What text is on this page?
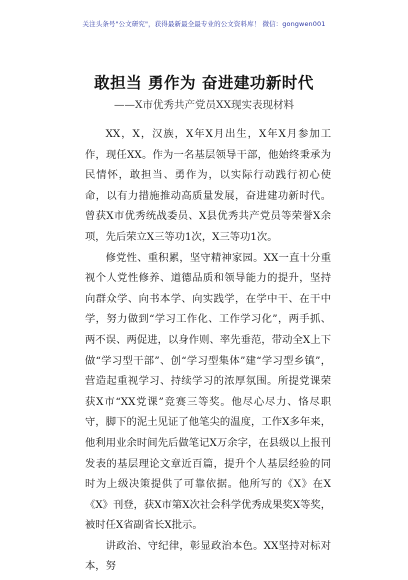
关注头条号"公文研究"，获得最新最全最专业的公文资料库！ 微信：gongwen001
敢担当 勇作为 奋进建功新时代
——X市优秀共产党员XX现实表现材料

XX，X，汉族，X年X月出生，X年X月参加工作，现任XX。作为一名基层领导干部，他始终秉承为民情怀，敢担当、勇作为，以实际行动践行初心使命，以有力措施推动高质量发展，奋进建功新时代。曾获X市优秀统战委员、X县优秀共产党员等荣誉X余项，先后荣立X三等功1次，X三等功1次。

修党性、重积累，坚守精神家园。XX一直十分重视个人党性修养、道德品质和领导能力的提升，坚持向群众学、向书本学、向实践学，在学中干、在干中学，努力做到“学习工作化、工作学习化”，两手抓、两不误、两促进，以身作则、率先垂范，带动全X上下做“学习型干部”、创“学习型集体”建“学习型乡镇”，营造起重视学习、持续学习的浓厚氛围。所提党课荣获X市“XX党课”竞赛三等奖。他尽心尽力、恪尽职守，脚下的泥土见证了他笔尖的温度，工作X多年来，他利用业余时间先后做笔记X万余字，在县级以上报刊发表的基层理论文章近百篇，提升个人基层经验的同时为上级决策提供了可靠依据。他所写的《X》在X《X》刊登，获X市第X次社会科学优秀成果奖X等奖，被时任X省副省长X批示。

讲政治、守纪律，彰显政治本色。XX坚持对标对本，努
